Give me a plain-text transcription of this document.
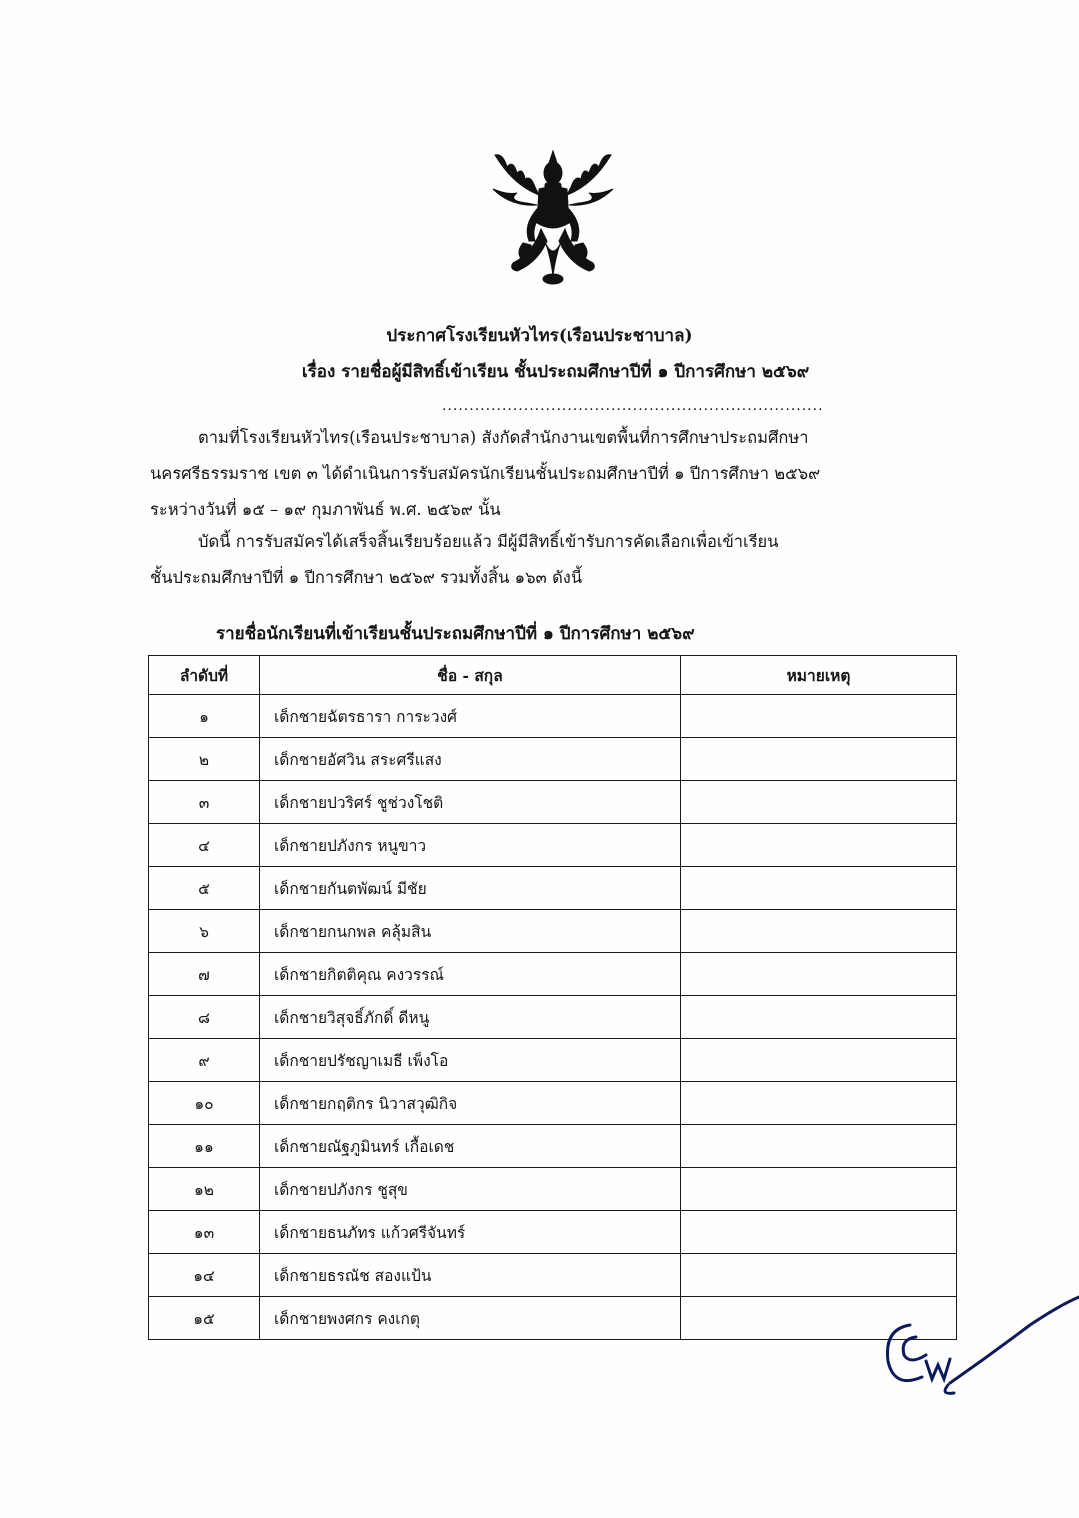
ประกาศโรงเรียนหัวไทร(เรือนประชาบาล)
เรื่อง รายชื่อผู้มีสิทธิ์เข้าเรียน ชั้นประถมศึกษาปีที่ ๑ ปีการศึกษา ๒๕๖๙
......................................................................
ตามที่โรงเรียนหัวไทร(เรือนประชาบาล) สังกัดสำนักงานเขตพื้นที่การศึกษาประถมศึกษา
นครศรีธรรมราช เขต ๓ ได้ดำเนินการรับสมัครนักเรียนชั้นประถมศึกษาปีที่ ๑ ปีการศึกษา ๒๕๖๙
ระหว่างวันที่ ๑๕ – ๑๙ กุมภาพันธ์ พ.ศ. ๒๕๖๙ นั้น
บัดนี้ การรับสมัครได้เสร็จสิ้นเรียบร้อยแล้ว มีผู้มีสิทธิ์เข้ารับการคัดเลือกเพื่อเข้าเรียน
ชั้นประถมศึกษาปีที่ ๑ ปีการศึกษา ๒๕๖๙ รวมทั้งสิ้น ๑๖๓ ดังนี้
รายชื่อนักเรียนที่เข้าเรียนชั้นประถมศึกษาปีที่ ๑ ปีการศึกษา ๒๕๖๙
ลำดับที่	ชื่อ - สกุล	หมายเหตุ
๑	เด็กชายฉัตรธารา การะวงศ์	
๒	เด็กชายอัศวิน สระศรีแสง	
๓	เด็กชายปวริศร์ ชูช่วงโชติ	
๔	เด็กชายปภังกร หนูขาว	
๕	เด็กชายกันตพัฒน์ มีชัย	
๖	เด็กชายกนกพล คลุ้มสิน	
๗	เด็กชายกิตติคุณ คงวรรณ์	
๘	เด็กชายวิสุจธิ์ภักดิ์ ดีหนู	
๙	เด็กชายปรัชญาเมธี เพ็งโอ	
๑๐	เด็กชายกฤติกร นิวาสวุฒิกิจ	
๑๑	เด็กชายณัฐภูมินทร์ เกื้อเดช	
๑๒	เด็กชายปภังกร ชูสุข	
๑๓	เด็กชายธนภัทร แก้วศรีจันทร์	
๑๔	เด็กชายธรณัช สองแป้น	
๑๕	เด็กชายพงศกร คงเกตุ	
